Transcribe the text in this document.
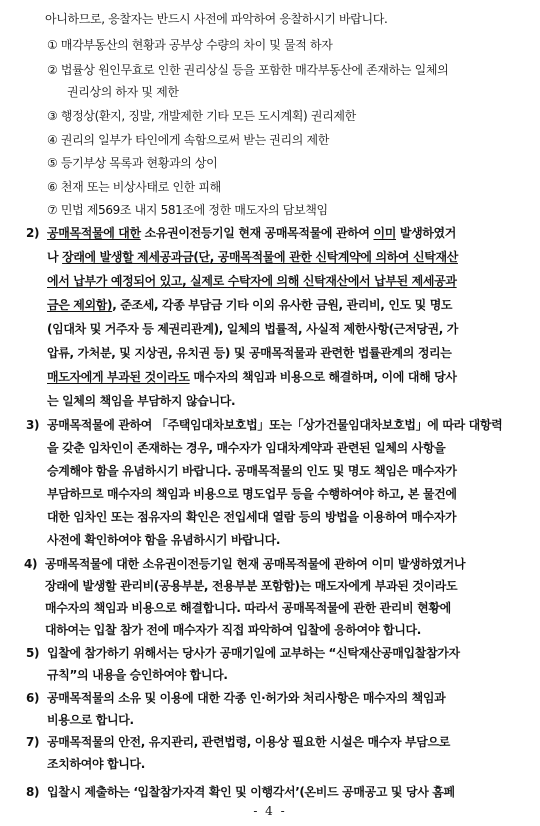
아니하므로, 응찰자는 반드시 사전에 파악하여 응찰하시기 바랍니다.
① 매각부동산의 현황과 공부상 수량의 차이 및 물적 하자
② 법률상 원인무효로 인한 권리상실 등을 포함한 매각부동산에 존재하는 일체의
권리상의 하자 및 제한
③ 행정상(환지, 징발, 개발제한 기타 모든 도시계획) 권리제한
④ 권리의 일부가 타인에게 속함으로써 받는 권리의 제한
⑤ 등기부상 목록과 현황과의 상이
⑥ 천재 또는 비상사태로 인한 피해
⑦ 민법 제569조 내지 581조에 정한 매도자의 담보책임
2) 공매목적물에 대한 소유권이전등기일 현재 공매목적물에 관하여 이미 발생하였거
나 장래에 발생할 제세공과금(단, 공매목적물에 관한 신탁계약에 의하여 신탁재산
에서 납부가 예정되어 있고, 실제로 수탁자에 의해 신탁재산에서 납부된 제세공과
금은 제외함), 준조세, 각종 부담금 기타 이외 유사한 금원, 관리비, 인도 및 명도
(임대차 및 거주자 등 제권리관계), 일체의 법률적, 사실적 제한사항(근저당권, 가
압류, 가처분, 및 지상권, 유치권 등) 및 공매목적물과 관련한 법률관계의 정리는
매도자에게 부과된 것이라도 매수자의 책임과 비용으로 해결하며, 이에 대해 당사
는 일체의 책임을 부담하지 않습니다.
3) 공매목적물에 관하여 「주택임대차보호법」또는「상가건물임대차보호법」에 따라 대항력
을 갖춘 임차인이 존재하는 경우, 매수자가 임대차계약과 관련된 일체의 사항을
승계해야 함을 유념하시기 바랍니다. 공매목적물의 인도 및 명도 책임은 매수자가
부담하므로 매수자의 책임과 비용으로 명도업무 등을 수행하여야 하고, 본 물건에
대한 임차인 또는 점유자의 확인은 전입세대 열람 등의 방법을 이용하여 매수자가
사전에 확인하여야 함을 유념하시기 바랍니다.
4) 공매목적물에 대한 소유권이전등기일 현재 공매목적물에 관하여 이미 발생하였거나
장래에 발생할 관리비(공용부분, 전용부분 포함함)는 매도자에게 부과된 것이라도
매수자의 책임과 비용으로 해결합니다. 따라서 공매목적물에 관한 관리비 현황에
대하여는 입찰 참가 전에 매수자가 직접 파악하여 입찰에 응하여야 합니다.
5) 입찰에 참가하기 위해서는 당사가 공매기일에 교부하는 “신탁재산공매입찰참가자
규칙”의 내용을 승인하여야 합니다.
6) 공매목적물의 소유 및 이용에 대한 각종 인·허가와 처리사항은 매수자의 책임과
비용으로 합니다.
7) 공매목적물의 안전, 유지관리, 관련법령, 이용상 필요한 시설은 매수자 부담으로
조치하여야 합니다.
- 4 -
8) 입찰시 제출하는 ‘입찰참가자격 확인 및 이행각서’(온비드 공매공고 및 당사 홈페
